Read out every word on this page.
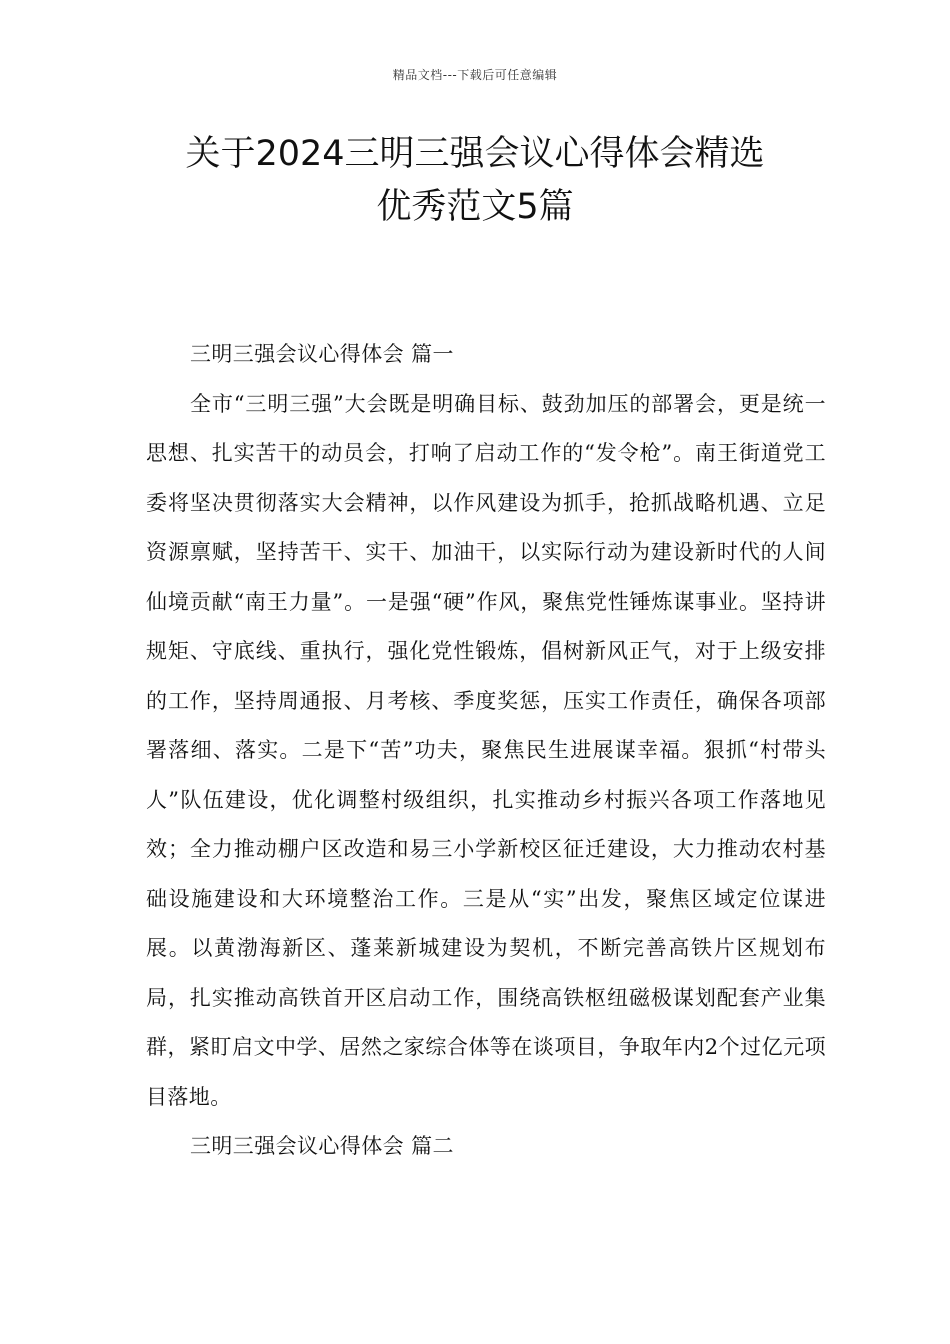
精品文档---下载后可任意编辑
关于2024三明三强会议心得体会精选
优秀范文5篇

三明三强会议心得体会 篇一

全市“三明三强”大会既是明确目标、鼓劲加压的部署会，更是统一思想、扎实苦干的动员会，打响了启动工作的“发令枪”。南王街道党工委将坚决贯彻落实大会精神，以作风建设为抓手，抢抓战略机遇、立足资源禀赋，坚持苦干、实干、加油干，以实际行动为建设新时代的人间仙境贡献“南王力量”。一是强“硬”作风，聚焦党性锤炼谋事业。坚持讲规矩、守底线、重执行，强化党性锻炼，倡树新风正气，对于上级安排的工作，坚持周通报、月考核、季度奖惩，压实工作责任，确保各项部署落细、落实。二是下“苦”功夫，聚焦民生进展谋幸福。狠抓“村带头人”队伍建设，优化调整村级组织，扎实推动乡村振兴各项工作落地见效；全力推动棚户区改造和易三小学新校区征迁建设，大力推动农村基础设施建设和大环境整治工作。三是从“实”出发，聚焦区域定位谋进展。以黄渤海新区、蓬莱新城建设为契机，不断完善高铁片区规划布局，扎实推动高铁首开区启动工作，围绕高铁枢纽磁极谋划配套产业集群，紧盯启文中学、居然之家综合体等在谈项目，争取年内2个过亿元项目落地。

三明三强会议心得体会 篇二
